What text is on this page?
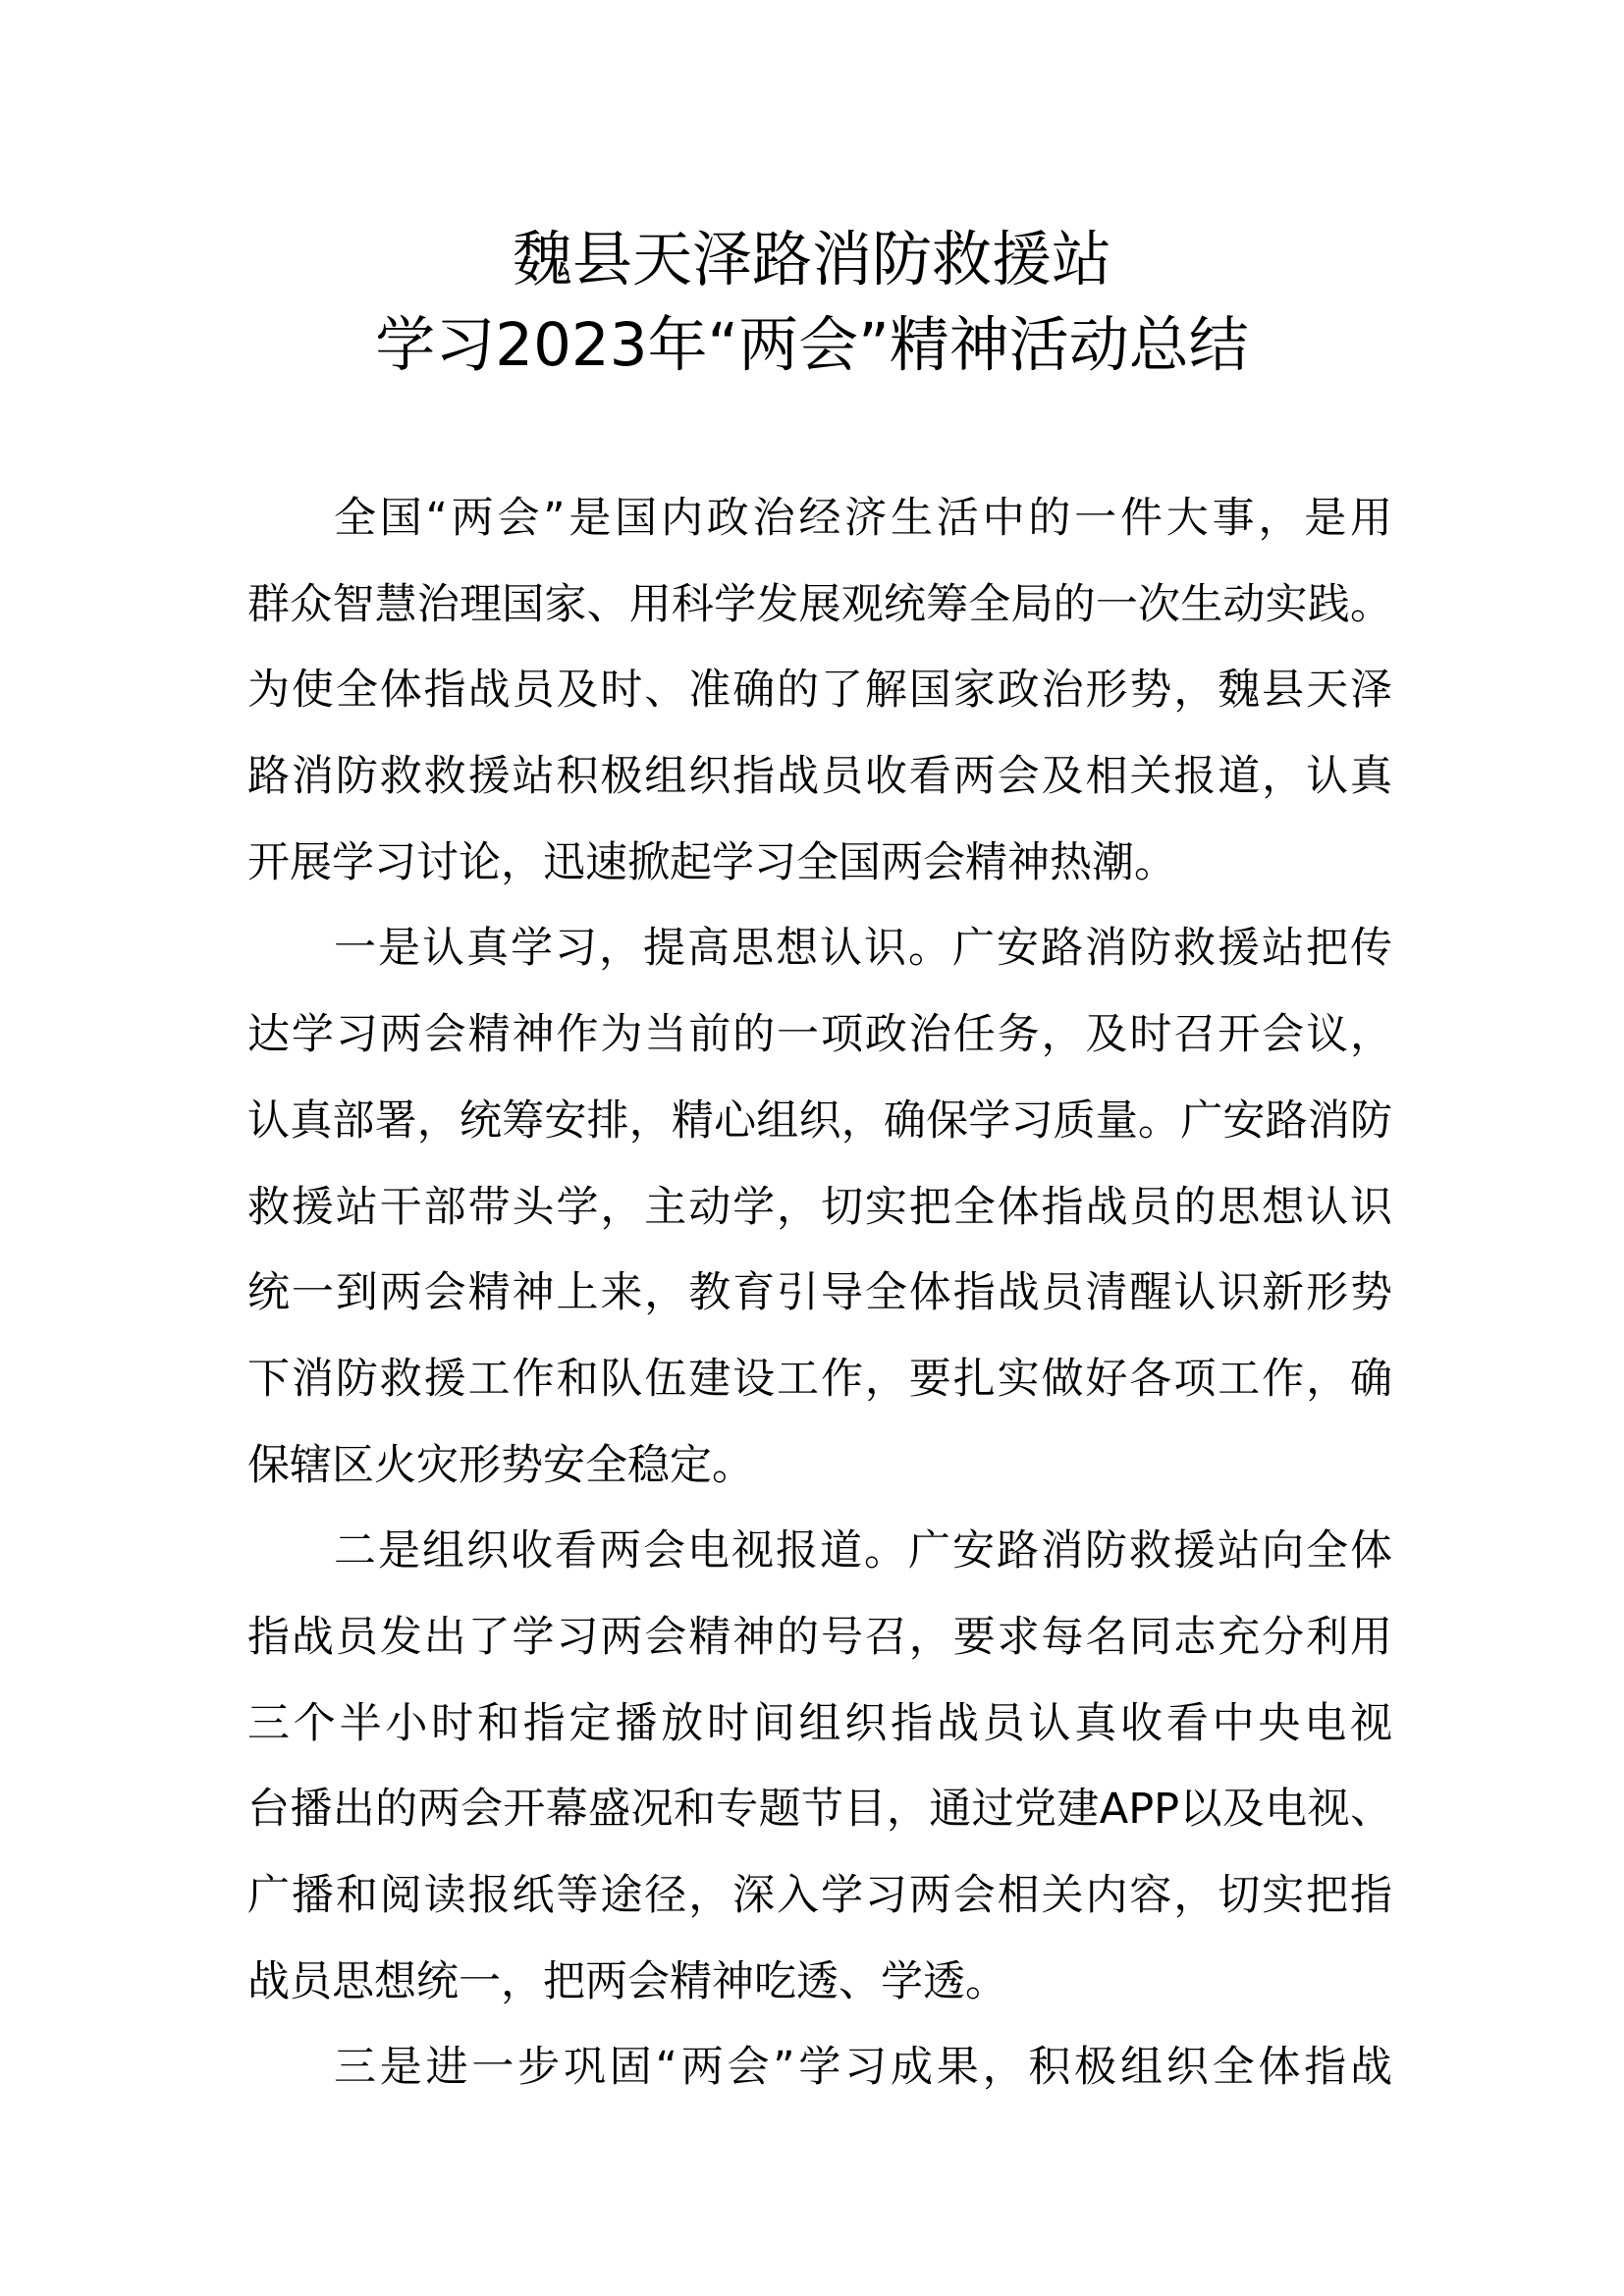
魏县天泽路消防救援站
学习2023年“两会”精神活动总结
全国“两会”是国内政治经济生活中的一件大事，是用
群众智慧治理国家、用科学发展观统筹全局的一次生动实践。
为使全体指战员及时、准确的了解国家政治形势，魏县天泽
路消防救救援站积极组织指战员收看两会及相关报道，认真
开展学习讨论，迅速掀起学习全国两会精神热潮。
一是认真学习，提高思想认识。广安路消防救援站把传
达学习两会精神作为当前的一项政治任务，及时召开会议，
认真部署，统筹安排，精心组织，确保学习质量。广安路消防
救援站干部带头学，主动学，切实把全体指战员的思想认识
统一到两会精神上来，教育引导全体指战员清醒认识新形势
下消防救援工作和队伍建设工作，要扎实做好各项工作，确
保辖区火灾形势安全稳定。
二是组织收看两会电视报道。广安路消防救援站向全体
指战员发出了学习两会精神的号召，要求每名同志充分利用
三个半小时和指定播放时间组织指战员认真收看中央电视
台播出的两会开幕盛况和专题节目，通过党建APP以及电视、
广播和阅读报纸等途径，深入学习两会相关内容，切实把指
战员思想统一，把两会精神吃透、学透。
三是进一步巩固“两会”学习成果，积极组织全体指战
